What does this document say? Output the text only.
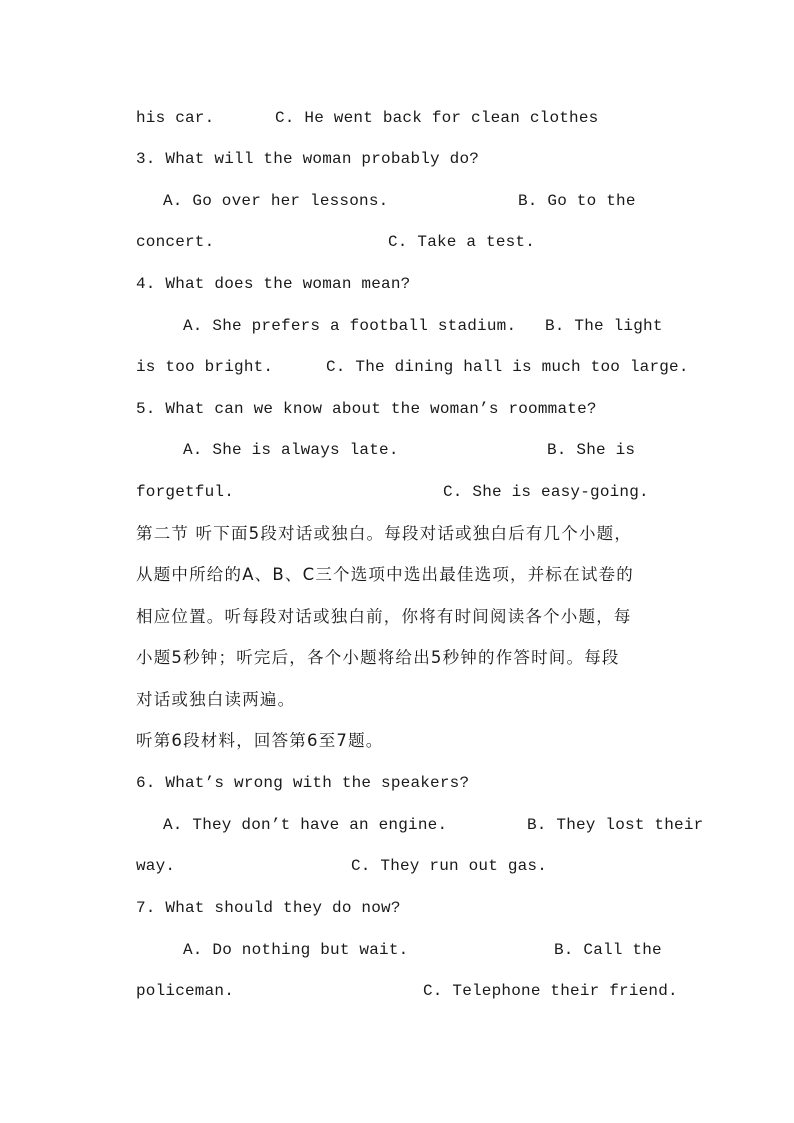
his car.	C. He went back for clean clothes
3. What will the woman probably do?
A. Go over her lessons.	B. Go to the
concert.	C. Take a test.
4. What does the woman mean?
A. She prefers a football stadium. B. The light
is too bright.	C. The dining hall is much too large.
5. What can we know about the woman’s roommate?
A. She is always late.	B. She is
forgetful.	C. She is easy-going.
第二节 听下面5段对话或独白。每段对话或独白后有几个小题，
从题中所给的A、B、C三个选项中选出最佳选项，并标在试卷的
相应位置。听每段对话或独白前，你将有时间阅读各个小题，每
小题5秒钟；听完后，各个小题将给出5秒钟的作答时间。每段
对话或独白读两遍。
听第6段材料，回答第6至7题。
6. What’s wrong with the speakers?
A. They don’t have an engine.	B. They lost their
way.	C. They run out gas.
7. What should they do now?
A. Do nothing but wait.	B. Call the
policeman.	C. Telephone their friend.
